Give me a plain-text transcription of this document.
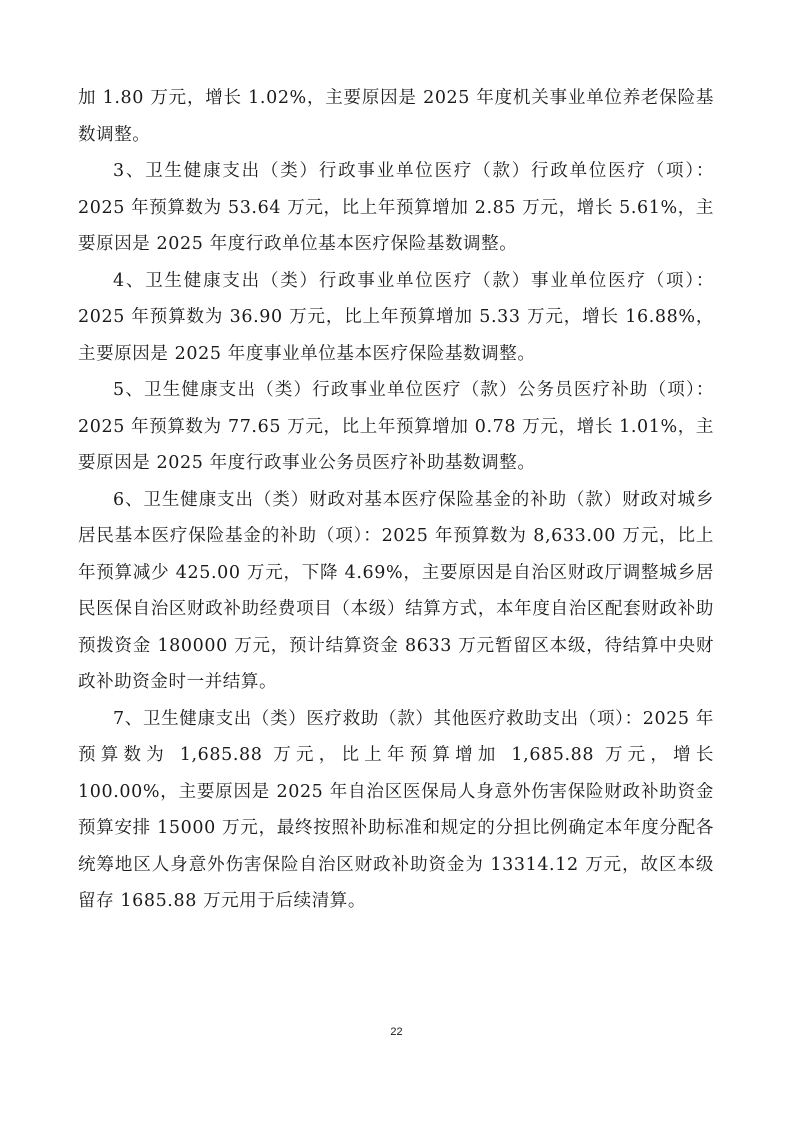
加 1.80 万元，增长 1.02%，主要原因是 2025 年度机关事业单位养老保险基数调整。

3、卫生健康支出（类）行政事业单位医疗（款）行政单位医疗（项）：2025 年预算数为 53.64 万元，比上年预算增加 2.85 万元，增长 5.61%，主要原因是 2025 年度行政单位基本医疗保险基数调整。

4、卫生健康支出（类）行政事业单位医疗（款）事业单位医疗（项）：2025 年预算数为 36.90 万元，比上年预算增加 5.33 万元，增长 16.88%，主要原因是 2025 年度事业单位基本医疗保险基数调整。

5、卫生健康支出（类）行政事业单位医疗（款）公务员医疗补助（项）：2025 年预算数为 77.65 万元，比上年预算增加 0.78 万元，增长 1.01%，主要原因是 2025 年度行政事业公务员医疗补助基数调整。

6、卫生健康支出（类）财政对基本医疗保险基金的补助（款）财政对城乡居民基本医疗保险基金的补助（项）：2025 年预算数为 8,633.00 万元，比上年预算减少 425.00 万元，下降 4.69%，主要原因是自治区财政厅调整城乡居民医保自治区财政补助经费项目（本级）结算方式，本年度自治区配套财政补助预拨资金 180000 万元，预计结算资金 8633 万元暂留区本级，待结算中央财政补助资金时一并结算。

7、卫生健康支出（类）医疗救助（款）其他医疗救助支出（项）：2025 年预算数为 1,685.88 万元，比上年预算增加 1,685.88 万元，增长 100.00%，主要原因是 2025 年自治区医保局人身意外伤害保险财政补助资金预算安排 15000 万元，最终按照补助标准和规定的分担比例确定本年度分配各统筹地区人身意外伤害保险自治区财政补助资金为 13314.12 万元，故区本级留存 1685.88 万元用于后续清算。

22
